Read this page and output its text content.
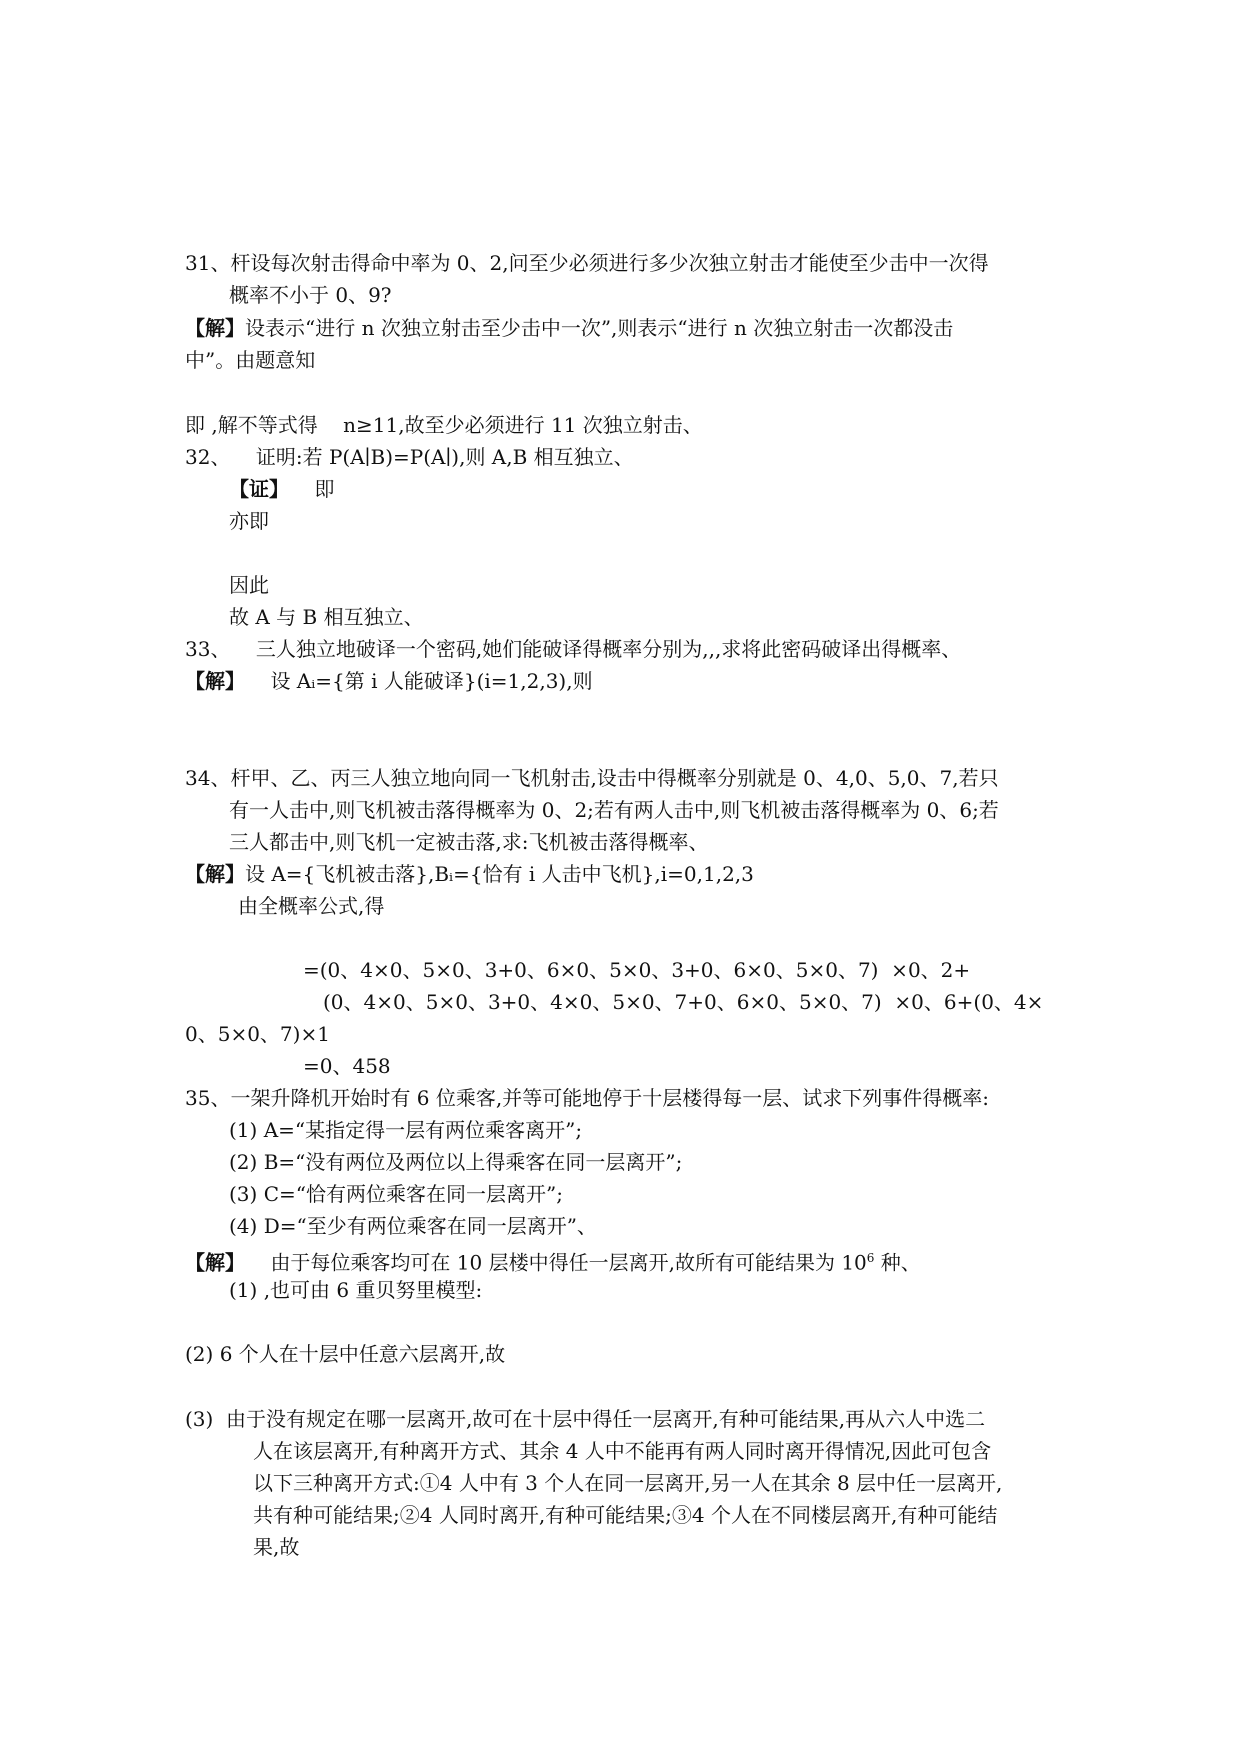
31、杆设每次射击得命中率为 0、2,问至少必须进行多少次独立射击才能使至少击中一次得
概率不小于 0、9?
【解】设表示“进行 n 次独立射击至少击中一次”,则表示“进行 n 次独立射击一次都没击
中”。由题意知
即 ,解不等式得    n≥11,故至少必须进行 11 次独立射击、
32、    证明:若 P(A∣B)=P(A∣),则 A,B 相互独立、
【证】 即
亦即
因此
故 A 与 B 相互独立、
33、    三人独立地破译一个密码,她们能破译得概率分别为,,,求将此密码破译出得概率、
【解】 设 Aᵢ={第 i 人能破译}(i=1,2,3),则
34、杆甲、乙、丙三人独立地向同一飞机射击,设击中得概率分别就是 0、4,0、5,0、7,若只
有一人击中,则飞机被击落得概率为 0、2;若有两人击中,则飞机被击落得概率为 0、6;若
三人都击中,则飞机一定被击落,求:飞机被击落得概率、
【解】设 A={飞机被击落},Bᵢ={恰有 i 人击中飞机},i=0,1,2,3
由全概率公式,得
=(0、4×0、5×0、3+0、6×0、5×0、3+0、6×0、5×0、7)  ×0、2+
(0、4×0、5×0、3+0、4×0、5×0、7+0、6×0、5×0、7)  ×0、6+(0、4×
0、5×0、7)×1
=0、458
35、一架升降机开始时有 6 位乘客,并等可能地停于十层楼得每一层、试求下列事件得概率:
(1) A=“某指定得一层有两位乘客离开”;
(2) B=“没有两位及两位以上得乘客在同一层离开”;
(3) C=“恰有两位乘客在同一层离开”;
(4) D=“至少有两位乘客在同一层离开”、
【解】 由于每位乘客均可在 10 层楼中得任一层离开,故所有可能结果为 $10^6$ 种、
(1) ,也可由 6 重贝努里模型:
(2) 6 个人在十层中任意六层离开,故
(3)  由于没有规定在哪一层离开,故可在十层中得任一层离开,有种可能结果,再从六人中选二
人在该层离开,有种离开方式、其余 4 人中不能再有两人同时离开得情况,因此可包含
以下三种离开方式:①4 人中有 3 个人在同一层离开,另一人在其余 8 层中任一层离开,
共有种可能结果;②4 人同时离开,有种可能结果;③4 个人在不同楼层离开,有种可能结
果,故
